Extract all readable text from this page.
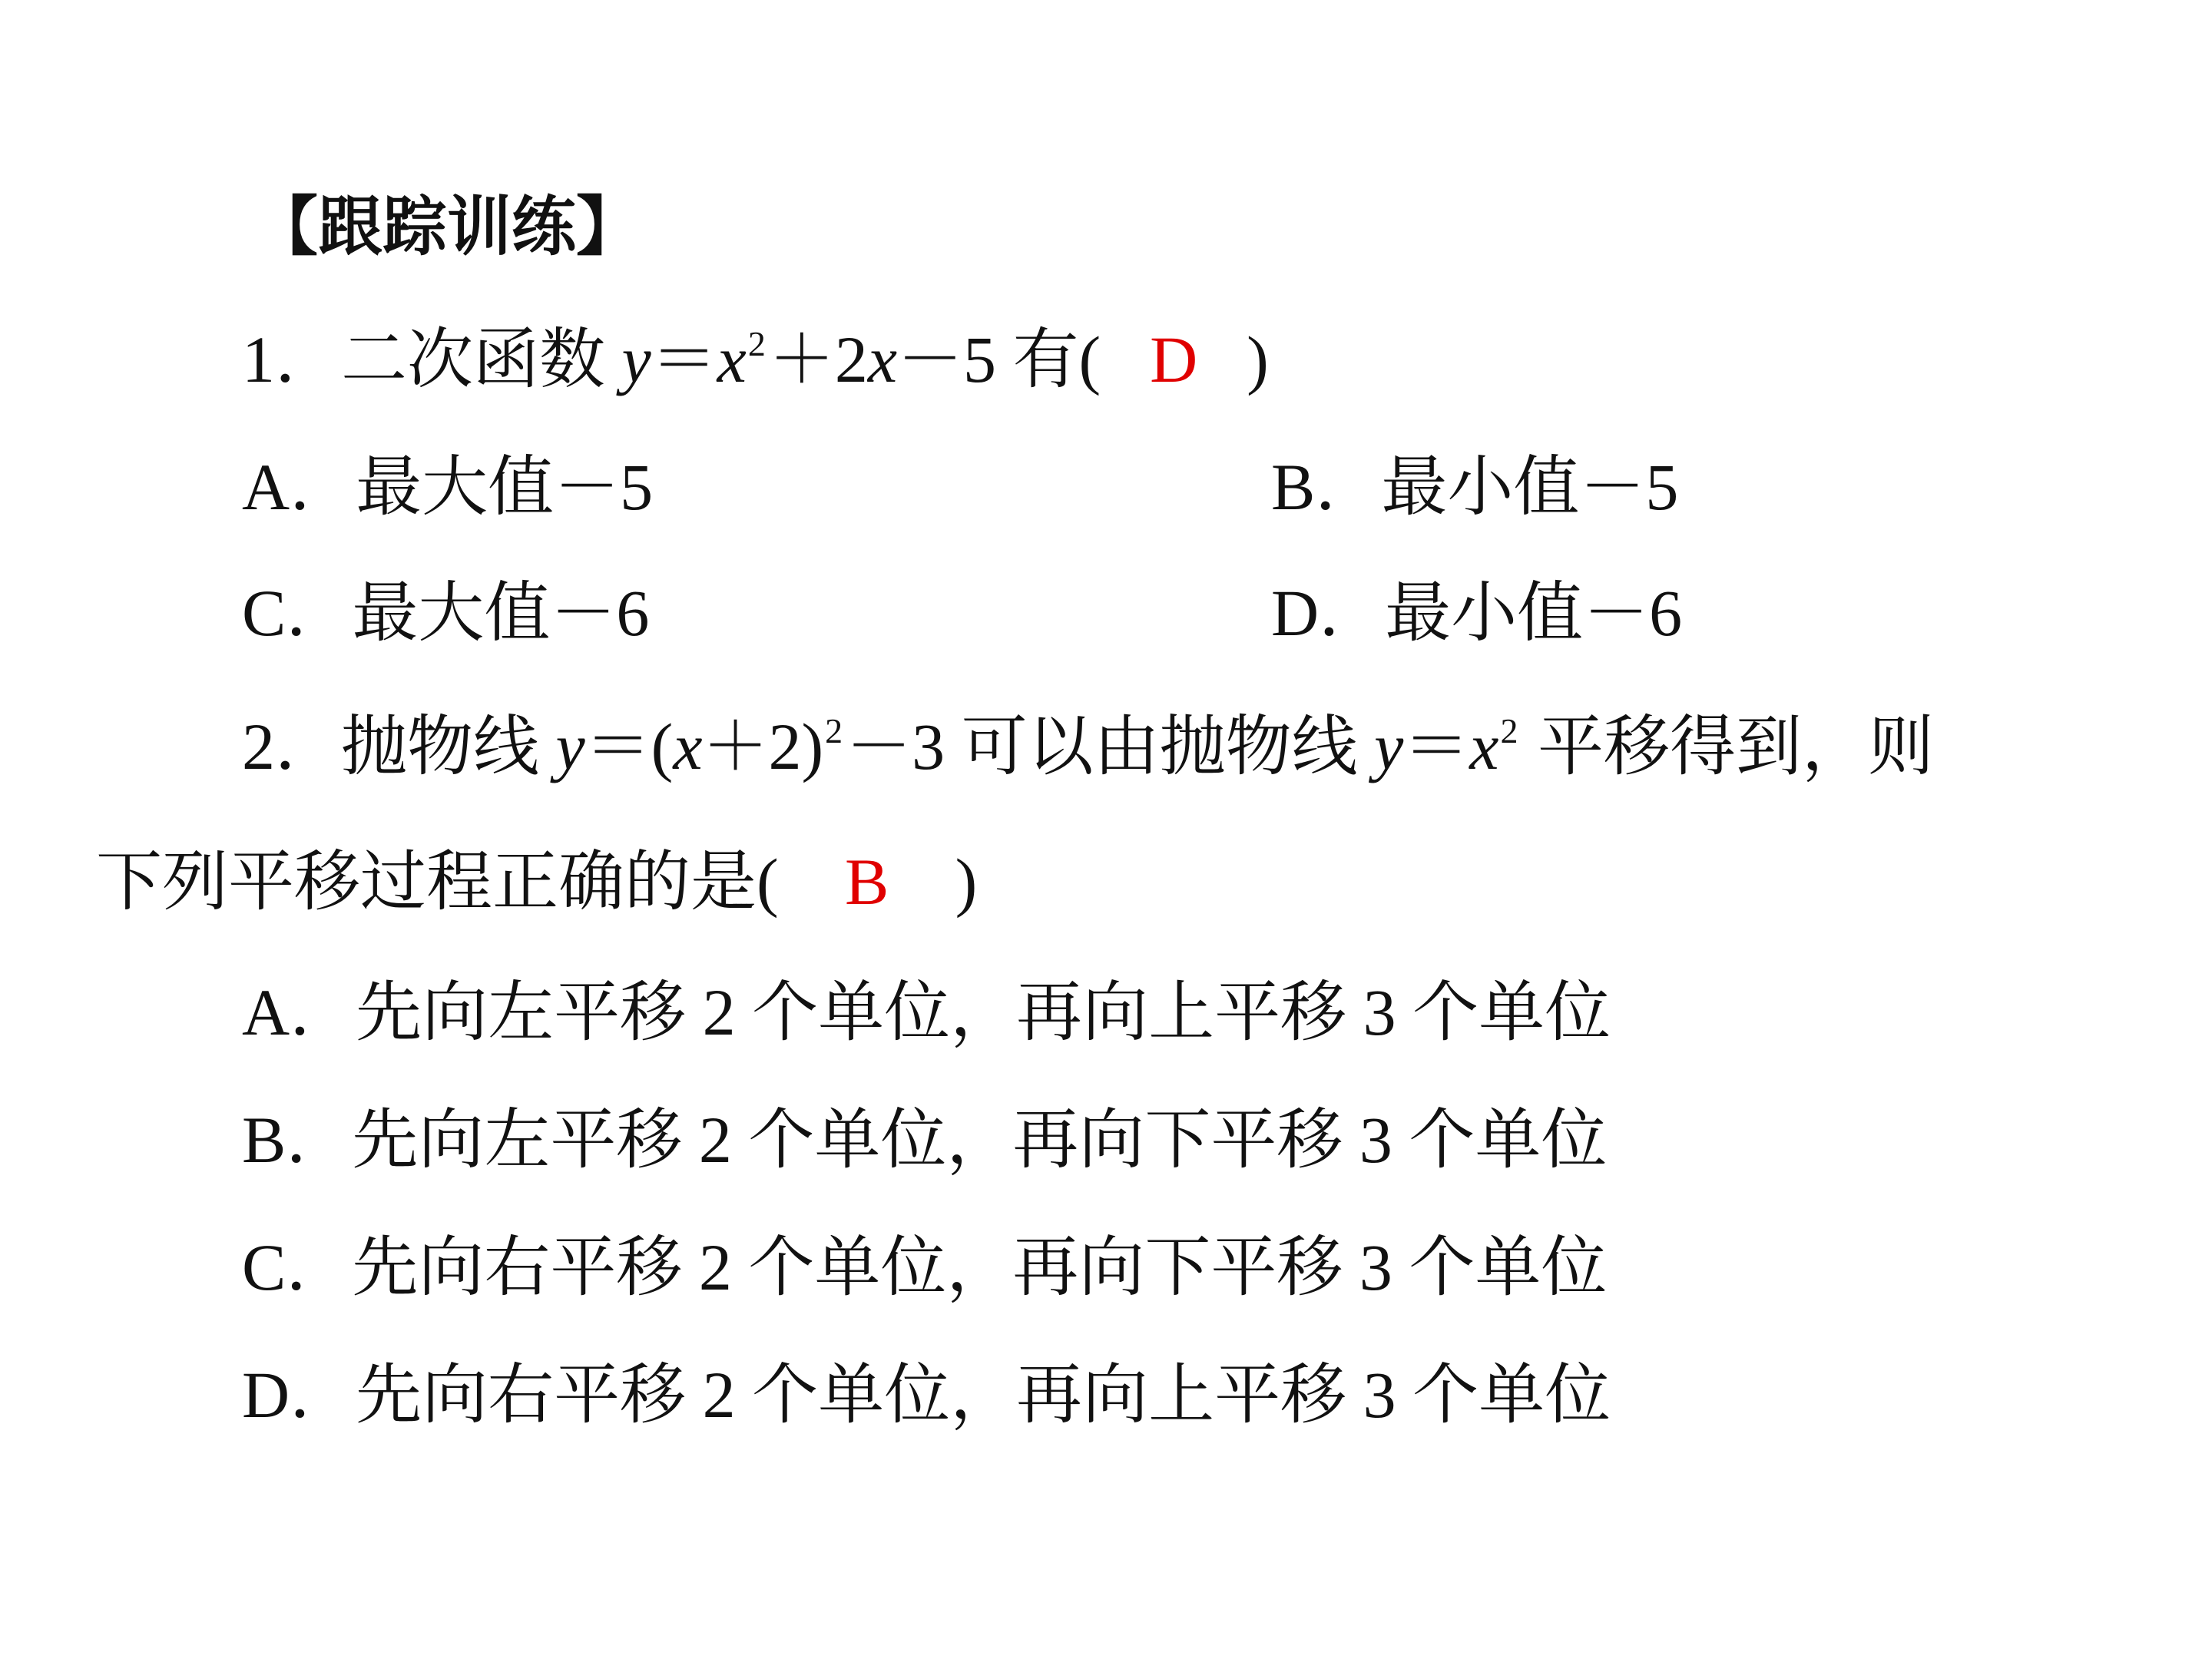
【跟踪训练】
1．二次函数 $y=x^2+2x-5$ 有( D )
A．最大值－5	B．最小值－5
C．最大值－6	D．最小值－6
2．抛物线 $y=(x+2)^2-3$ 可以由抛物线 $y=x^2$ 平移得到，则
下列平移过程正确的是( B )
A．先向左平移 2 个单位，再向上平移 3 个单位
B．先向左平移 2 个单位，再向下平移 3 个单位
C．先向右平移 2 个单位，再向下平移 3 个单位
D．先向右平移 2 个单位，再向上平移 3 个单位
